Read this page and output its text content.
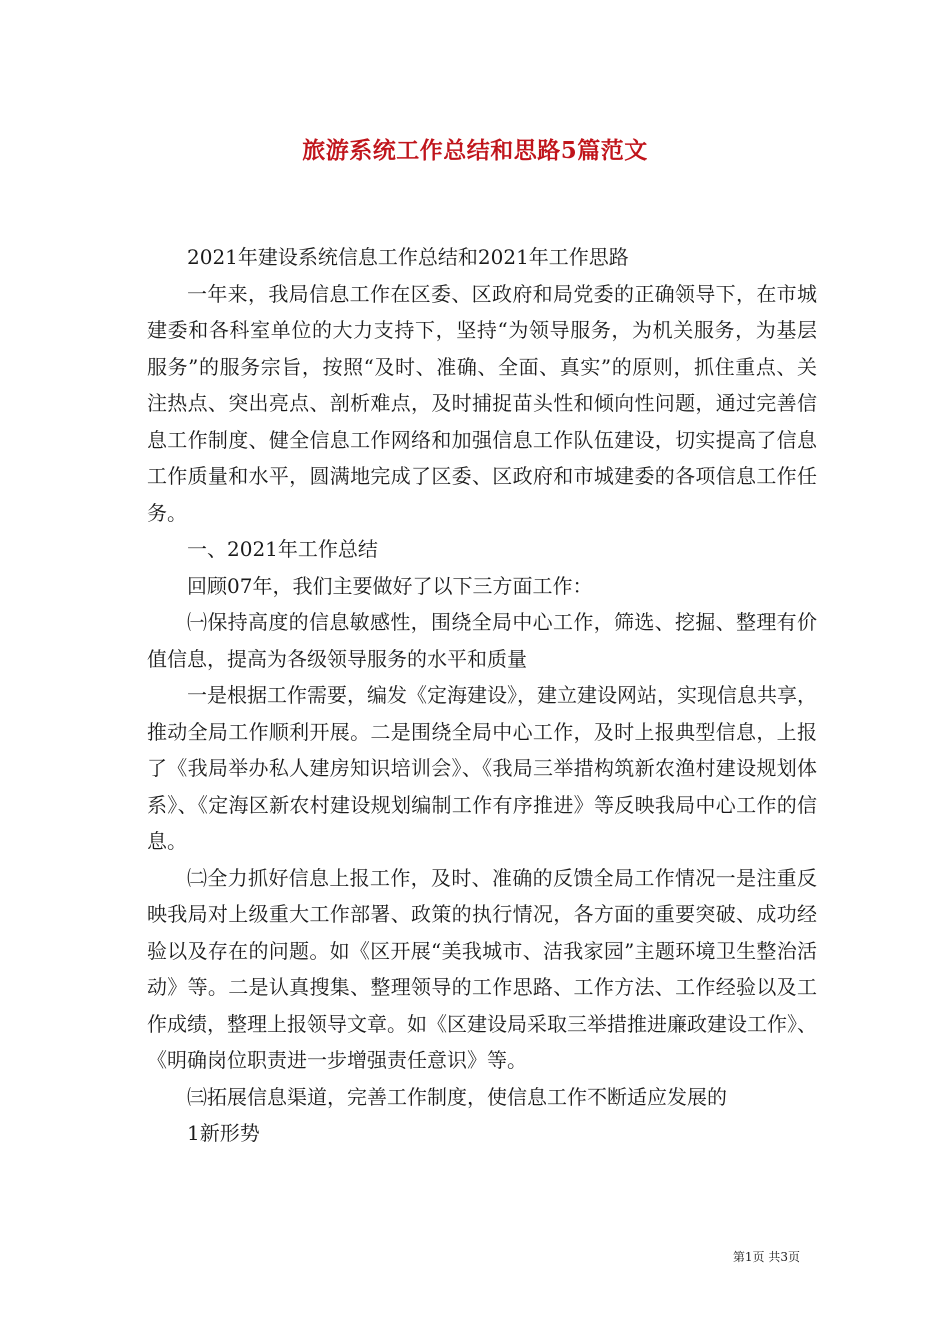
旅游系统工作总结和思路5篇范文

2021年建设系统信息工作总结和2021年工作思路

一年来，我局信息工作在区委、区政府和局党委的正确领导下，在市城建委和各科室单位的大力支持下，坚持“为领导服务，为机关服务，为基层服务”的服务宗旨，按照“及时、准确、全面、真实”的原则，抓住重点、关注热点、突出亮点、剖析难点，及时捕捉苗头性和倾向性问题，通过完善信息工作制度、健全信息工作网络和加强信息工作队伍建设，切实提高了信息工作质量和水平，圆满地完成了区委、区政府和市城建委的各项信息工作任务。

一、2021年工作总结

回顾07年，我们主要做好了以下三方面工作：

㈠保持高度的信息敏感性，围绕全局中心工作，筛选、挖掘、整理有价值信息，提高为各级领导服务的水平和质量

一是根据工作需要，编发《定海建设》，建立建设网站，实现信息共享，推动全局工作顺利开展。二是围绕全局中心工作，及时上报典型信息，上报了《我局举办私人建房知识培训会》、《我局三举措构筑新农渔村建设规划体系》、《定海区新农村建设规划编制工作有序推进》等反映我局中心工作的信息。

㈡全力抓好信息上报工作，及时、准确的反馈全局工作情况一是注重反映我局对上级重大工作部署、政策的执行情况，各方面的重要突破、成功经验以及存在的问题。如《区开展“美我城市、洁我家园”主题环境卫生整治活动》等。二是认真搜集、整理领导的工作思路、工作方法、工作经验以及工作成绩，整理上报领导文章。如《区建设局采取三举措推进廉政建设工作》、《明确岗位职责进一步增强责任意识》等。

㈢拓展信息渠道，完善工作制度，使信息工作不断适应发展的

1新形势

第1页 共3页
